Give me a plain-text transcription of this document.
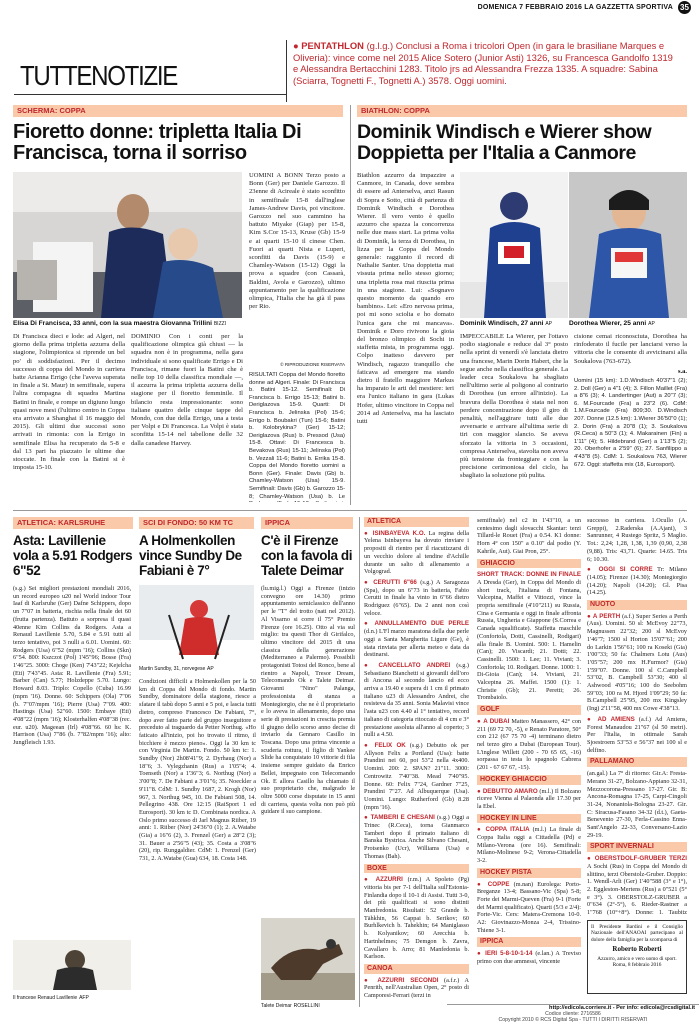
DOMENICA 7 FEBBRAIO 2016 LA GAZZETTA SPORTIVA 35
TUTTENOTIZIE

● PENTATHLON (g.l.g.) Conclusi a Roma i tricolori Open (in gara le brasiliane Marques e Oliveria): vince come nel 2015 Alice Sotero (Junior Asti) 1326, su Francesca Gandolfo 1319 e Alessandra Bertacchini 1283. Titolo jrs ad Alessandra Frezza 1335. A squadre: Sabina (Sciarra, Tognetti F., Tognetti A.) 3578. Oggi uomini.

SCHERMA: COPPA
Fioretto donne: tripletta Italia Di Francisca, torna il sorriso
Elisa Di Francisca, 33 anni, con la sua maestra Giovanna Trillini BIZZI

Di Francisca dieci e lode: ad Algeri, nel giorno della prima tripletta azzurra della stagione, l'olimpionica si riprende un bel po' di soddisfazioni. Per il decimo successo di coppa del Mondo in carriera batte Arianna Errigo (che l'aveva superata in finale a St. Maur) in semifinale, supera l'altra compagna di squadra Martina Batini in finale, e rompe un digiuno lungo quasi nove mesi (l'ultimo centro in Coppa era arrivato a Shanghai il 16 maggio del 2015). Gli ultimi due successi sono arrivati in rimonta: con la Errigo in semifinale Elisa ha recuperato da 5-8 e dal 13 pari ha piazzato le ultime due stoccate. In finale con la Batini si è imposta 15-10.

DOMINIO Con i conti per la qualificazione olimpica già chiusi — la squadra non è in programma, nella gara individuale si sono qualificate Errigo e Di Francisca, rimane fuori la Batini che è nelle top 10 della classifica mondiale —, il azzurra la prima tripletta azzurra della stagione per il fioretto femminile. Il bilancio resta impressionante: sono italiane quattro delle cinque tappe del Mondo, con due della Errigo, una a testa per Volpi e Di Francesca. La Volpi è stata sconfitta 15-14 nel tabellone delle 32 dalla canadese Harvey.

UOMINI A BONN Terzo posto a Bonn (Ger) per Daniele Garozzo. Il 23enne di Acireale è stato sconfitto in semifinale 15-8 dall'inglese James-Andrew Davis, poi vincitore. Garozzo nel suo cammino ha battuto Miyake (Giap) per 15-8, Kim S.Cor 15-13, Kruse (Gb) 15-9 e ai quarti 15-10 il cinese Chen. Fuori ai quarti Nista e Luperi, sconfitti da Davis (15-9) e Chamley-Watson (15-12) Oggi la prova a squadre (con Cassarà, Baldini, Avola e Garozzo), ultimo appuntamento per la qualificazione olimpica, l'Italia che ha già il pass per Rio.

© RIPRODUZIONE RISERVATA

RISULTATI Coppa del Mondo fioretto donne ad Algeri. Finale: Di Francisca b. Batini 15-12. Semifinali: Di Francisca b. Errigo 15-13; Batini b. Deriglazova 15-9. Quarti: Di Francisca b. Jelinska (Pol) 15-6; Errigo b. Boubakri (Tun) 15-6; Batini b. Kolobrykina? (Ger) 15-12; Deriglazova (Rus) b. Pressod (Usa) 15-8. Ottavi: Di Francesca b. Bevakova (Rus) 15-11; Jelinska (Pol) b. Vezzali 11-6; Batini b. Errika 15-8. Coppa del Mondo fioretto uomini a Bonn (Ger). Finale: Davis (Gb) b. Chamley-Watson (Usa) 15-9. Semifinali: Davis (Gb) b. Garozzo 15-8; Chamley-Watson (Usa) b. Le

BIATHLON: COPPA
Dominik Windisch e Wierer show Doppietta per l'Italia a Canmore

Biathlon azzurro da impazzire a Canmore, in Canada, dove sembra di essere ad Anterselva, anzi Rasun di Sopra e Sotto, città di partenza di Dominik Windisch e Dorothea Wierer. Il vero vento è quello azzurro che spazza la concorrenza nelle due mass start. La prima volta di Dominik, la terza di Dorothea, in lizza per la Coppa del Mondo generale: raggiunto il record di Nathalie Santer. Una doppietta mai vissuta prima nello stesso giorno; una tripletta rosa mai riuscita prima in una stagione. Lui: «Sognavo questo momento da quando ero bambino». Lei: «Ero nervosa prima, poi mi sono sciolta e ho domato l'unica gara che mi mancava». Dominik e Doro rivivono la gioia del bronzo olimpico di Sochi in staffetta mista, in programma oggi. Colpo inatteso davvero per Windisch, ragazzo tranquillo che faticava ad emergere ma stando dietro il fratello maggiore Markus ha imparato le arti del mestiere: ieri era l'unico italiano in gara (Lukas Hofer, ultimo vincitore in Coppa nel 2014 ad Anterselva, ma ha lasciato tutti

Dominik Windisch, 27 anni AP	Dorothea Wierer, 25 anni AP

IMPECCABILE La Wierer, per l'ottavo podio stagionale e reduce dal 3° posto nella sprint di venerdì s'è lanciata dietro una francese, Marin Dorin Habert, che la segue anche nella classifica generale. La leader ceca Soukalova ha sbagliato nell'ultimo serie al poligono al contrario di Dorothea (un errore all'inizio). La bravura della Dorothea è stata nel non perdere concentrazione dopo il giro di penalità, nell'aggirare tutti alle due avversarie e arrivare all'ultima serie di tiri con maggior slancio. Se aveva sforzato la vittoria in 3 occasioni, compresa Anterselva, stavolta non aveva più tensione da fronteggiare e con la precisione cerimoniosa del ciclo, ha sbagliato la soluzione più pulita.

cisione cemai riconosciuta, Dorothea ha rinfoderato il fucile per lanciarsi verso la vittoria che le consente di avvicinarsi alla Soukalova (763-672).

s.a.

Uomini (15 km): 1.D.Windisch 40'37"1 (2); 2. Doll (Ger) a 4"1 (4); 3. Fillon Maillet (Fra) a 8"6 (3); 4. Landertinger (Aut) a 20"7 (3); 6. M.Fourcade (Fra) a 23"2 (6). CdM: 1.M.Fourcade (Fra) 809;30. D.Windisch 207. Donne (12.5 km): 1.Wierer 36'50"0 (1); 2. Dorin (Fra) a 20"8 (1); 3. Soukalova (R.Ceca) a 50"3 (1); 4. Makarainen (Fin) a 1'11" (4); 5. Hildebrand (Ger) a 1'13"5 (2); 20. Oberhofer a 2'59" (6); 27. Sanfilippo a 4'43"8 (5). CdM: 1. Soukalova 763, Wierer 672. Oggi: staffetta mix (18, Eurosport).

ATLETICA: KARLSRUHE
Asta: Lavillenie vola a 5.91 Rodgers 6"52

(s.g.) Sei migliori prestazioni mondiali 2016, un record europeo u20 nel World indoor Tour Iaaf di Karlsruhe (Ger) Dafne Schippers, dopo un 7"07 in batteria, rischia nella finale dei 60 (frutta partenza). Battuto a sorpresa il quasi 40enne Kim Collins da Rodgers. Asta a Renaud Lavillenie 5.70, 5.84 e 5.91 tutti al terzo tentativo, poi 3 nulli a 6.01. Uomini. 60: Rodgers (Usa) 6"52 (mpm '16); Collins (Skn) 6"54. 800: Kszczot (Pol) 1'45"96; Bosse (Fra) 1'46"25. 3000: Choge (Ken) 7'43"22; Kejelcha (Eti) 7'43"45. Asta: R. Lavillenie (Fra) 5.91; Barber (Can) 5.77; Holzdeppe 5.70. Lungo: Howard 8.03. Triplo: Copello (Cuba) 16.99 (mpm '16). Donne. 60: Schippers (Ola) 7"06 (b. 7"07/mpm '16); Pierre (Usa) 7"09. 400: Hastings (Usa) 52"60. 1500: Embaye (Eti) 4'08"22 (mpm '16); Klosterhalfen 4'08"38 (rec. eur. u20). Mageean (Irl) 4'08"66. 60 hs: K. Harrison (Usa) 7"86 (b. 7"82/mpm '16); alto: Jungfleisch 1.93.

Il francese Renaud Lavillenie AFP
SCI DI FONDO: 50 KM TC
A Holmenkollen vince Sundby De Fabiani è 7°
Martin Sundby, 31, norvegese AP

Condizioni difficili a Holmenkollen per la 50 km di Coppa del Mondo di fondo. Martin Sundby, dominatore della stagione, riesce a sfatare il tabù dopo 5 anni e 5 poi, e lascia tutti dietro, compreso Francesco De Fabiani, 7°, dopo aver fatto parte del gruppo inseguitore e preceduto al traguardo da Petter Northug. «Ho faticato all'inizio, poi ho trovato il ritmo, il bicchiere è mezzo pieno». Oggi la 30 km tc con Virginia De Martin. Fondo. 50 km tc: 1. Sundby (Nor) 2h08'41"9; 2. Dyrhaug (Nor) a 18"6; 3. Vylegzhanin (Rus) a 1'05"4; 4. Toenseth (Nor) a 1'36"3; 6. Northug (Nor) a 3'00"8; 7. De Fabiani a 3'01"6; 35. Noeckler a 9'11"8. CdM: 1. Sundby 1687, 2. Krogh (Nor) 967, 3. Northug 945, 10. De Fabiani 508, 14. Pellegrino 438. Ore 12:15 (RaiSport 1 ed Eurosport). 30 km tc D. Combinata nordica. A Oslo primo successo di Jarl Magnus Riiber, 19 anni: 1. Riiber (Nor) 24'36"0 (1); 2. A.Watabe (Gia) a 16"6 (2), 3. Frenzel (Ger) a 28"2 (3); 31. Bauer a 2'56"5 (43); 35. Costa a 3'08"6 (20), rip. Runggaldier. CdM: 1. Frenzel (Ger) 731, 2. A.Watabe (Gua) 634, 18. Costa 148.

IPPICA
C'è il Firenze con la favola di Talete Deimar

(lu.mig.l.) Oggi a Firenze (inizio convegno ore 14.30) primo appuntamento semiclassico dell'anno per le "T" del trotto (nati nel 2012). Al Visarno si corre il 75° Premio Firenze (ore 16.25). Otto al via sul miglio: tra questi Thor di Girifalco, ultimo vincitore del 2015 di una classica della generazione (Mediterraneo a Palermo). Possibili protagonisti Totosi del Ronco, bene al rientro a Napoli, Tresor Dream, Telecomando Ok e Talete Deimar. Giovanni "Nino" Palanga, professionista di stanza a Montegiorgio, che ne è il proprietario e lo aveva in allenamento, dopo una serie di prestazioni in crescita premia il giugno dello scorso anno decise di inviarlo da Gennaro Casillo in Toscana. Dopo una prima vincente a scuderia rottura, il figlio di Yankee Slide ha conquistato 10 vittorie di fila insieme sempre guidato da Enrico Bellei, impegnato con Telecomando Ok. E allora Casillo ha chiamato il suo proprietario che, malgrado le oltre 5000 corse disputate in 15 anni di carriera, questa volta non può più guidare il suo campione.

Talete Deimar ROSELLINI
ATLETICA

● ISINBAYEVA K.O. La regina della Yelena Isinbayeva ha dovuto rinviare i propositi di rientro per il riacutizzarsi di un vecchio dolore al tendine d'Achille durante un salto di allenamento a Volgograd.

● CERUTTI 6"66 (s.g.) A Saragozza (Spa), dopo un 6"73 in batteria, Fabio Cerutti in finale ha vinto in 6"66 dietro Rodriguez (6"65). Da 2 anni non così veloce.

● ANNULLAMENTO DUE PERLE (d.n.) L'Fl marzo maratona della due perle oggi a Santa Margherita Ligure (Ge), è stata rinviata per allerta meteo e data da destinarsi.

● CANCELLATO ANDREI (s.g.) Sebastiano Bianchetti si giovanili dell'oro di Ancona al secondo lancio ed ecco arriva a 19.40 e supera di 1 cm il primato italiano u23 di Alessandro Andrei, che resisteva da 35 anni. Sonia Malavisi vince l'asta u23 con 4.40 al 1° tentativo, record italiano di categoria ritoccato di 4 cm e 3° prestazione assoluta all'anno al coperto; 3 nulli a 4.50.

● FELIX OK (s.g.) Debutto ok per Allyson Felix a Portland (Usa): batte Prandini nei 60, poi 53"2 nella 4x400. Uomini. 200: 2. SPAN? 21"11. 3000: Centrowitz 7'40"38. Mead 7'40"95. Donne. 60: Felix 7"24, Gardner 7"25, Prandini 7"27. Ad Albuquerque (Usa). Uomini. Lungo: Rutherford (Gb) 8.28 (mpm '16).

● TAMBERI E CHESANI (s.g.) Oggi a Trinec (R.Ceca), torna Gianmarco Tamberi dopo il primato italiano di Banska Bystrica. Anche Silvano Chesani, Protsenko (Ucr), Williams (Usa) e Thomas (Bah).

BOXE

● AZZURRI (r.m.) A Spoleto (Pg) vittoria bis per 7-1 dell'Italia sull'Estonia-Finlandia dopo il 10-1 di Assisi. Tutti 3-0, dei più qualificati si sono distinti Manfredonia. Risultati: 52 Grande b. Tähkhin, 56 Cappai b. Serikov; 60 Burhlkevich b. Tahekhin; 64 Maniglasso b. Kolyanikov; 60 Arecchia b. Hartnhelmes; 75 Demgon b. Zavra, Cavallaro b. Arro; 81 Manfedonia b. Karlson.

CANOA

● AZZURRI SECONDI (a.f.r.) A Penrith, nell'Australian Open, 2° posto di Camporesi-Ferrari (terzi in

semifinale) nel c2 in 1'43"10, a un centesimo dagli slovacchi Skantar: terzi Tillard-le Rouet (Fra) a 0.54. K1 donne: Horn 4° con 150" a 0.10" dal podio (Y. Kahrile, Aut). Giai Pron, 25°.

GHIACCIO

SHORT TRACK: DONNE IN FINALE A Dresda (Ger), in Coppa del Mondo di short track, l'italiana di Fontana, Valcepina, Maffei e Vittozzi, vince la propria semifinale (4'10"211) su Russia, Cina e Germania e oggi in finale affronta Russia, Ungheria e Giappone (S.Correa e Canada squalificate). Staffetta maschile (Confortola, Dotti, Cassinelli, Rodigari) alla finale B. Uomini. 500: 1. Hamelin (Can); 20. Viscardi; 21. Dotti; 22. Cassinelli. 1500: 1. Lee; 11. Viviani; 3. Confortola; 10. Rodigari. Donne. 1000: 1. Di-Gioia (Can); 14. Viviani, 21. Valcepina 26. Maffei. 1500 (1): 1. Christie (Gb); 21. Peretti; 26. Trombaiolo.

GOLF

● A DUBAI Matteo Manassero, 42° con 211 (69 72 70, -5), e Renato Paratore, 50° con 212 (67 75 70 -4) terminano dietro nel terzo giro a Dubai (European Tour). L'inglese Willett (200 - 70 65 65, -16) sorpassa in testa lo spagnolo Cabrera (201 - 67 67 67, -15).

HOCKEY GHIACCIO

● DEBUTTO AMARO (m.l.) Il Bolzano riceve Vienna al Palaonda alle 17.30 per la Ebel.

HOCKEY IN LINE

● COPPA ITALIA (m.l.) La finale di Coppa Italia oggi a Cittadella (Pd) e Milano-Verona (ore 16). Semifinali: Milano-Molinese 9-2; Verona-Cittadella 3-2.

HOCKEY PISTA

● COPPE (m.nan) Eurolega: Porto-Breganze 13-4; Bassano-Vic (Spa) 5-8; Forte dei Marmi-Queven (Fra) 9-1 (Forte dei Marmi qualificato). Quarti (5/3 e 2/4): Forte-Vic. Cers: Matera-Cremona 10-0. A2: Giovinazzo-Monza 2-4, Trissino-Thiene 3-1.

IPPICA

● IERI 5-8-10-1-14 (e.lan.) A Treviso primo con due ammessi, vincente

successo in carriera. 1.Ocullo (A. Greppi), 2.Raderska (A.Ajani), 3 Sanrunner, 4 Rustego Spritz, 5 Maglio. Tot.: 2,24; 1,28, 1,38, 1,39 (0,90, 2,38 (9,88). Tris: 43,71. Quarte: 14.65. Tris 6; 10.30.

● OGGI SI CORRE Tr: Milano (14.05); Firenze (14.30); Montegiorgio (14.20); Napoli (14.20); Gl. Pisa (14.25).

NUOTO

● A PERTH (a.f.) Super Series a Perth (Aus). Uomini. 50 sl: McEvoy 22"73, Magnussen 22"32; 200 sl McEvoy 1'46"7; 1500 sl Horton 15'07"61; 200 do Larkin 1'56"61; 100 ra Koseki (Gia) 1'00"33; 50 fa: Chalmers Lotu (Aus) 1'05"57; 200 mx H.Furmor? (Gia) 1'59"07. Donne. 100 sl C.Campbell 53"02, B. Campbell 53"30; 400 sl Ashwood 4'05"16; 100 do Seebohm 59"03; 100 ra M. Hjord 1'09"29; 50 fa: B.Campbell 25"95, 200 mx Kingsley (Ing) 2'11"58, 400 mx Cowe 4'38"13.

● AD AMIENS (a.f.) Ad Amiens, Forest Manaudou 21"67 (sl 50 metri). Per l'Italia, in ottimale Sarah Sjoestroem 53"53 e 56"37 nei 100 sl e delfino.

PALLAMANO

(an.gal.) La 7° di ritorno: Gir.A: Fresta-Merano 31-27, Bolzano-Appiano 32-31, Mezzocorona-Pressano 17-27. Gir. B: Ancona-Romagna 17-25, Carpi-Cingoli 31-24, Nonantola-Bologna 23-27. Gir. C: Siracusa-Fasano 34-32 (d.t.), Gaeta-Benevento 27-30, Ferla-Cassino Enna-Sant'Angelo 22-33, Conversano-Lazio 29-19.

SPORT INVERNALI

● OBERSTDOLF-GRUBER TERZI A Sochi (Rus) in Coppa del Mondo di slittino, terzi Oberstolz-Gruber. Doppio: 1. Wendl-Arlt (Ger) 1'40"588 (3° e 1°), 2. Eggleston-Mertens (Rus) a 0"521 (5° e 3°). 3. OBERSTOLZ-GRUBER a 0"634 (2°-5°), 6. Rieder-Rastner a 1"768 (10°+8°). Donne: 1. Taubitz

Il Presidente Bardini e il Consiglio Nazionale dell'ANAOAI partecipano al dolore della famiglia per la scomparsa di
Roberto Roberti
Azzurro, amico e vero uomo di sport. Roma, 8 febbraio 2016
http://edicola.corriere.it - Per info: edicola@rcsdigital.it
Codice cliente: 2716586
Copyright 2010 © RCS Digital Spa - TUTTI I DIRITTI RISERVATI
